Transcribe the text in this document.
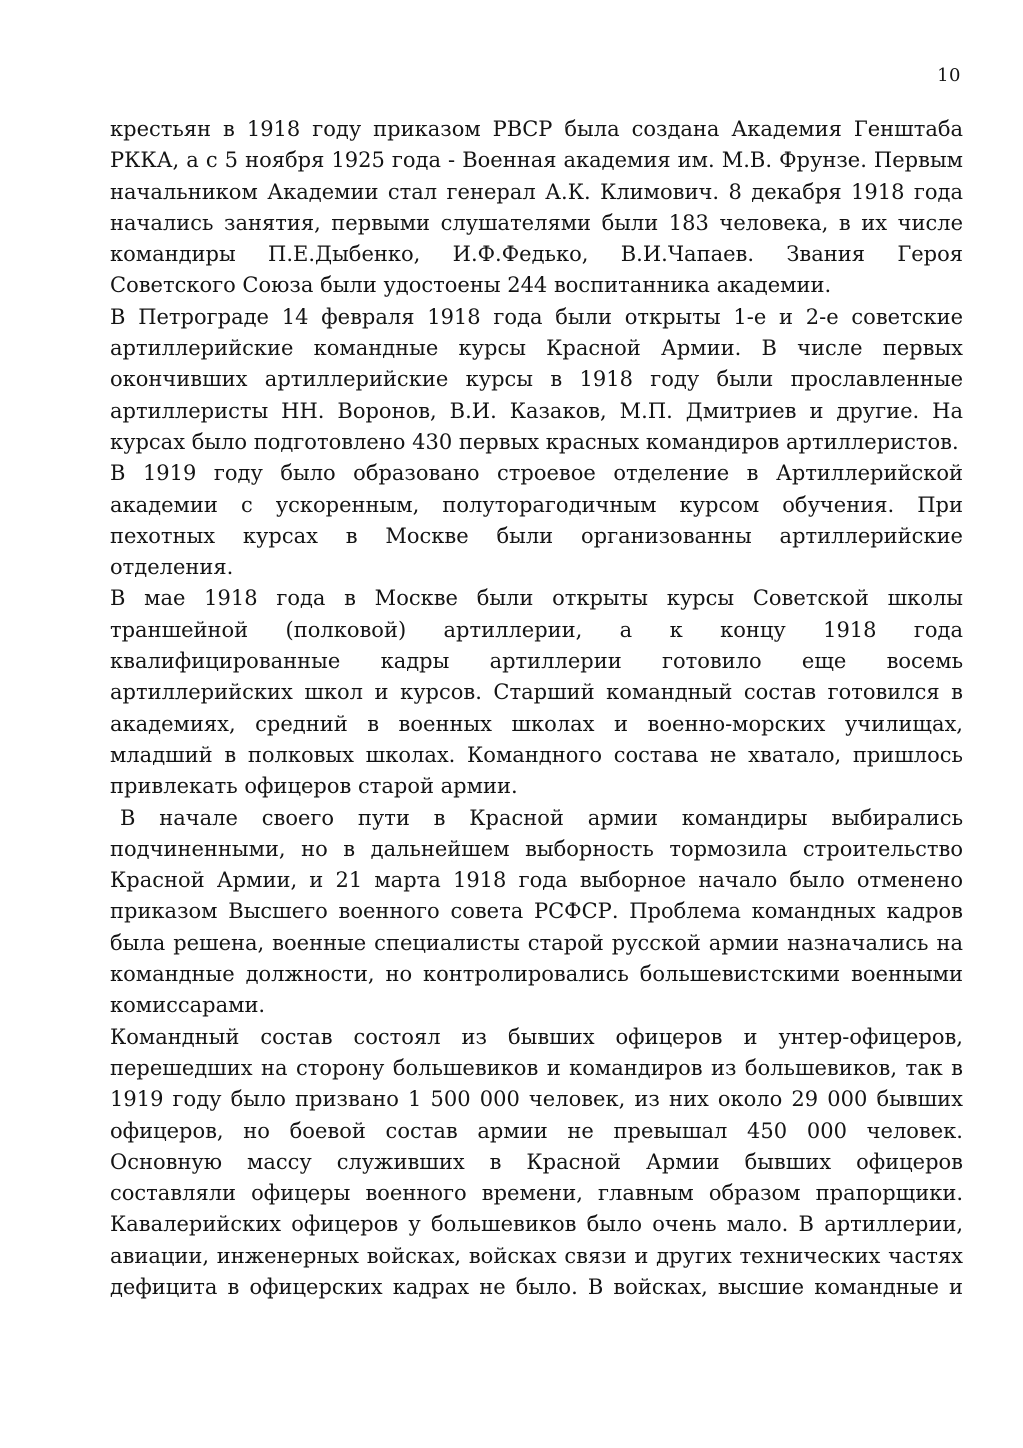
10

крестьян в 1918 году приказом РВСР была создана Академия Генштаба РККА, а с 5 ноября 1925 года - Военная академия им. М.В. Фрунзе. Первым начальником Академии стал генерал А.К. Климович. 8 декабря 1918 года начались занятия, первыми слушателями были 183 человека, в их числе командиры П.Е.Дыбенко, И.Ф.Федько, В.И.Чапаев. Звания Героя Советского Союза были удостоены 244 воспитанника академии.

В Петрограде 14 февраля 1918 года были открыты 1-е и 2-е советские артиллерийские командные курсы Красной Армии. В числе первых окончивших артиллерийские курсы в 1918 году были прославленные артиллеристы НН. Воронов, В.И. Казаков, М.П. Дмитриев и другие. На курсах было подготовлено 430 первых красных командиров артиллеристов.

В 1919 году было образовано строевое отделение в Артиллерийской академии с ускоренным, полуторагодичным курсом обучения. При пехотных курсах в Москве были организованны артиллерийские отделения.

В мае 1918 года в Москве были открыты курсы Советской школы траншейной (полковой) артиллерии, а к концу 1918 года квалифицированные кадры артиллерии готовило еще восемь артиллерийских школ и курсов. Старший командный состав готовился в академиях, средний в военных школах и военно-морских училищах, младший в полковых школах. Командного состава не хватало, пришлось привлекать офицеров старой армии.

В начале своего пути в Красной армии командиры выбирались подчиненными, но в дальнейшем выборность тормозила строительство Красной Армии, и 21 марта 1918 года выборное начало было отменено приказом Высшего военного совета РСФСР. Проблема командных кадров была решена, военные специалисты старой русской армии назначались на командные должности, но контролировались большевистскими военными комиссарами.

Командный состав состоял из бывших офицеров и унтер-офицеров, перешедших на сторону большевиков и командиров из большевиков, так в 1919 году было призвано 1 500 000 человек, из них около 29 000 бывших офицеров, но боевой состав армии не превышал 450 000 человек. Основную массу служивших в Красной Армии бывших офицеров составляли офицеры военного времени, главным образом прапорщики. Кавалерийских офицеров у большевиков было очень мало. В артиллерии, авиации, инженерных войсках, войсках связи и других технических частях дефицита в офицерских кадрах не было. В войсках, высшие командные и
